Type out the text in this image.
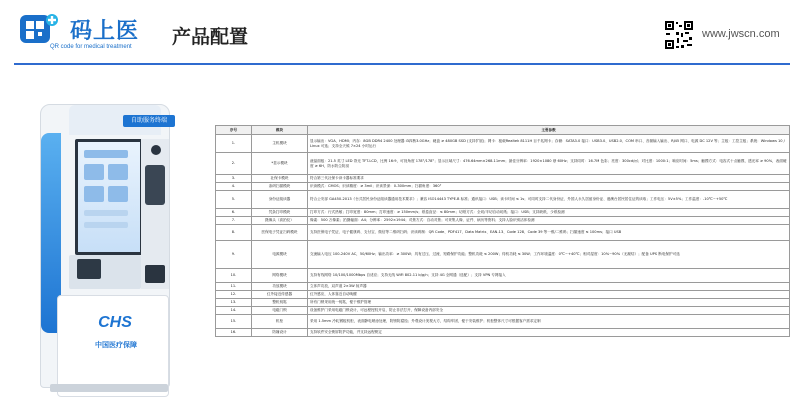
码上医
QR code for medical treatment 产品配置	www.jwscn.com
自助服务终端
CHS
中国医疗保障
序号	模块	主要参数
1.	主机模块	显示输出：VGA、HDMI；内存：8GB DDR4 2400 处理器 i3四核3.0GHz；硬盘 ≥ 480GB SSD (支持扩展)；网卡：板载Realtek 8111H 百千兆网卡；存储：SATA3.0 接口：USB3.0、USB2.0、COM 串口、音频输入输出、RJ45 网口、电源 DC 12V 等；主板：工控主板；系统：Windows 10 / Linux 可选；支持全天候 7×24 小时运行
2.	*显示模块	液晶面板：21.5 英寸 LED 背光 TFT-LCD，比例 16:9，可视角度 178°/178°；显示区域尺寸：476.64mm×268.11mm；最佳分辨率：1920×1080 @ 60Hz；支持同时：16.7M 色彩；亮度：300cd/㎡；对比度：1000:1；响应时间：5ms；触摸方式：电容式十点触摸，透光率 ≥ 90%，表面硬度 ≥ 6H，防水防尘防刮
3.	社保卡模块	符合第三代社保卡读卡器标准要求
4.	条码扫描模块	识读模式：CMOS；识读精度：≥ 3mil；识读景深：0-300mm；扫描角度：360°
5.	身份证阅读器	符合公安部 GA450-2013《台式居民身份证阅读器通用技术要求》；兼容 ISO14443 TYPE-B 标准；通讯接口：USB；读卡时间 ≤ 1s；可同时支持二代身份证、外国人永久居留身份证、港澳台居民居住证的读取；工作电压：5V±5%；工作温度：-10℃~+50℃
6.	凭条打印模块	打印方式：行式热敏；打印宽度：80mm；打印速度：≥ 150mm/s；纸卷直径：≤ 80mm；切纸方式：全切/半切自动切纸；接口：USB；支持缺纸、少纸检测
7.	摄像头（高拍仪）	像素：500 万像素；拍摄幅面：A4；分辨率：2592×1944；对焦方式：自动对焦；可采集人像、证件、病历等资料；支持人脸识别活体检测
8.	医保电子凭证扫码模块	支持医保电子凭证、电子健康码、支付宝、微信等二维码扫码；识读码制：QR Code、PDF417、Data Matrix、EAN-13、Code 128、Code 39 等一维/二维码；扫描速度 ≤ 100ms；接口 USB
9.	电源模块	交流输入电压 100-240V AC，50/60Hz；输出功率：≥ 300W；具有过压、过流、短路保护功能；整机功耗 ≤ 200W；待机功耗 ≤ 30W；工作环境温度：0℃~+40℃；相对湿度：10%~90%（无凝结）；配备 UPS 断电保护可选
10.	网络模块	支持有线网络 10/100/1000Mbps 自适应；支持无线 WiFi 802.11 b/g/n；支持 4G 全网通（选配）；支持 VPN 专网接入
11.	功放模块	立体声功放，双声道 2×3W 扬声器
12.	红外接近传感器	红外感应，人体靠近自动唤醒
13.	整机钥匙	所有门锁采用统一钥匙，便于维护管理
14.	电磁门锁	设备维护门采用电磁门锁设计，可远程授权开启，防止非法打开，保障设备内部安全
15.	机柜	采用 1.5mm 冷轧钢板机柜，表面静电喷涂处理，防锈防腐蚀；外观设计美观大方，结构牢固，便于安装维护；机柜整体尺寸可根据客户需求定制
16.	防撞设计	支持软件安全锁屏防护功能，并支持远程锁定
